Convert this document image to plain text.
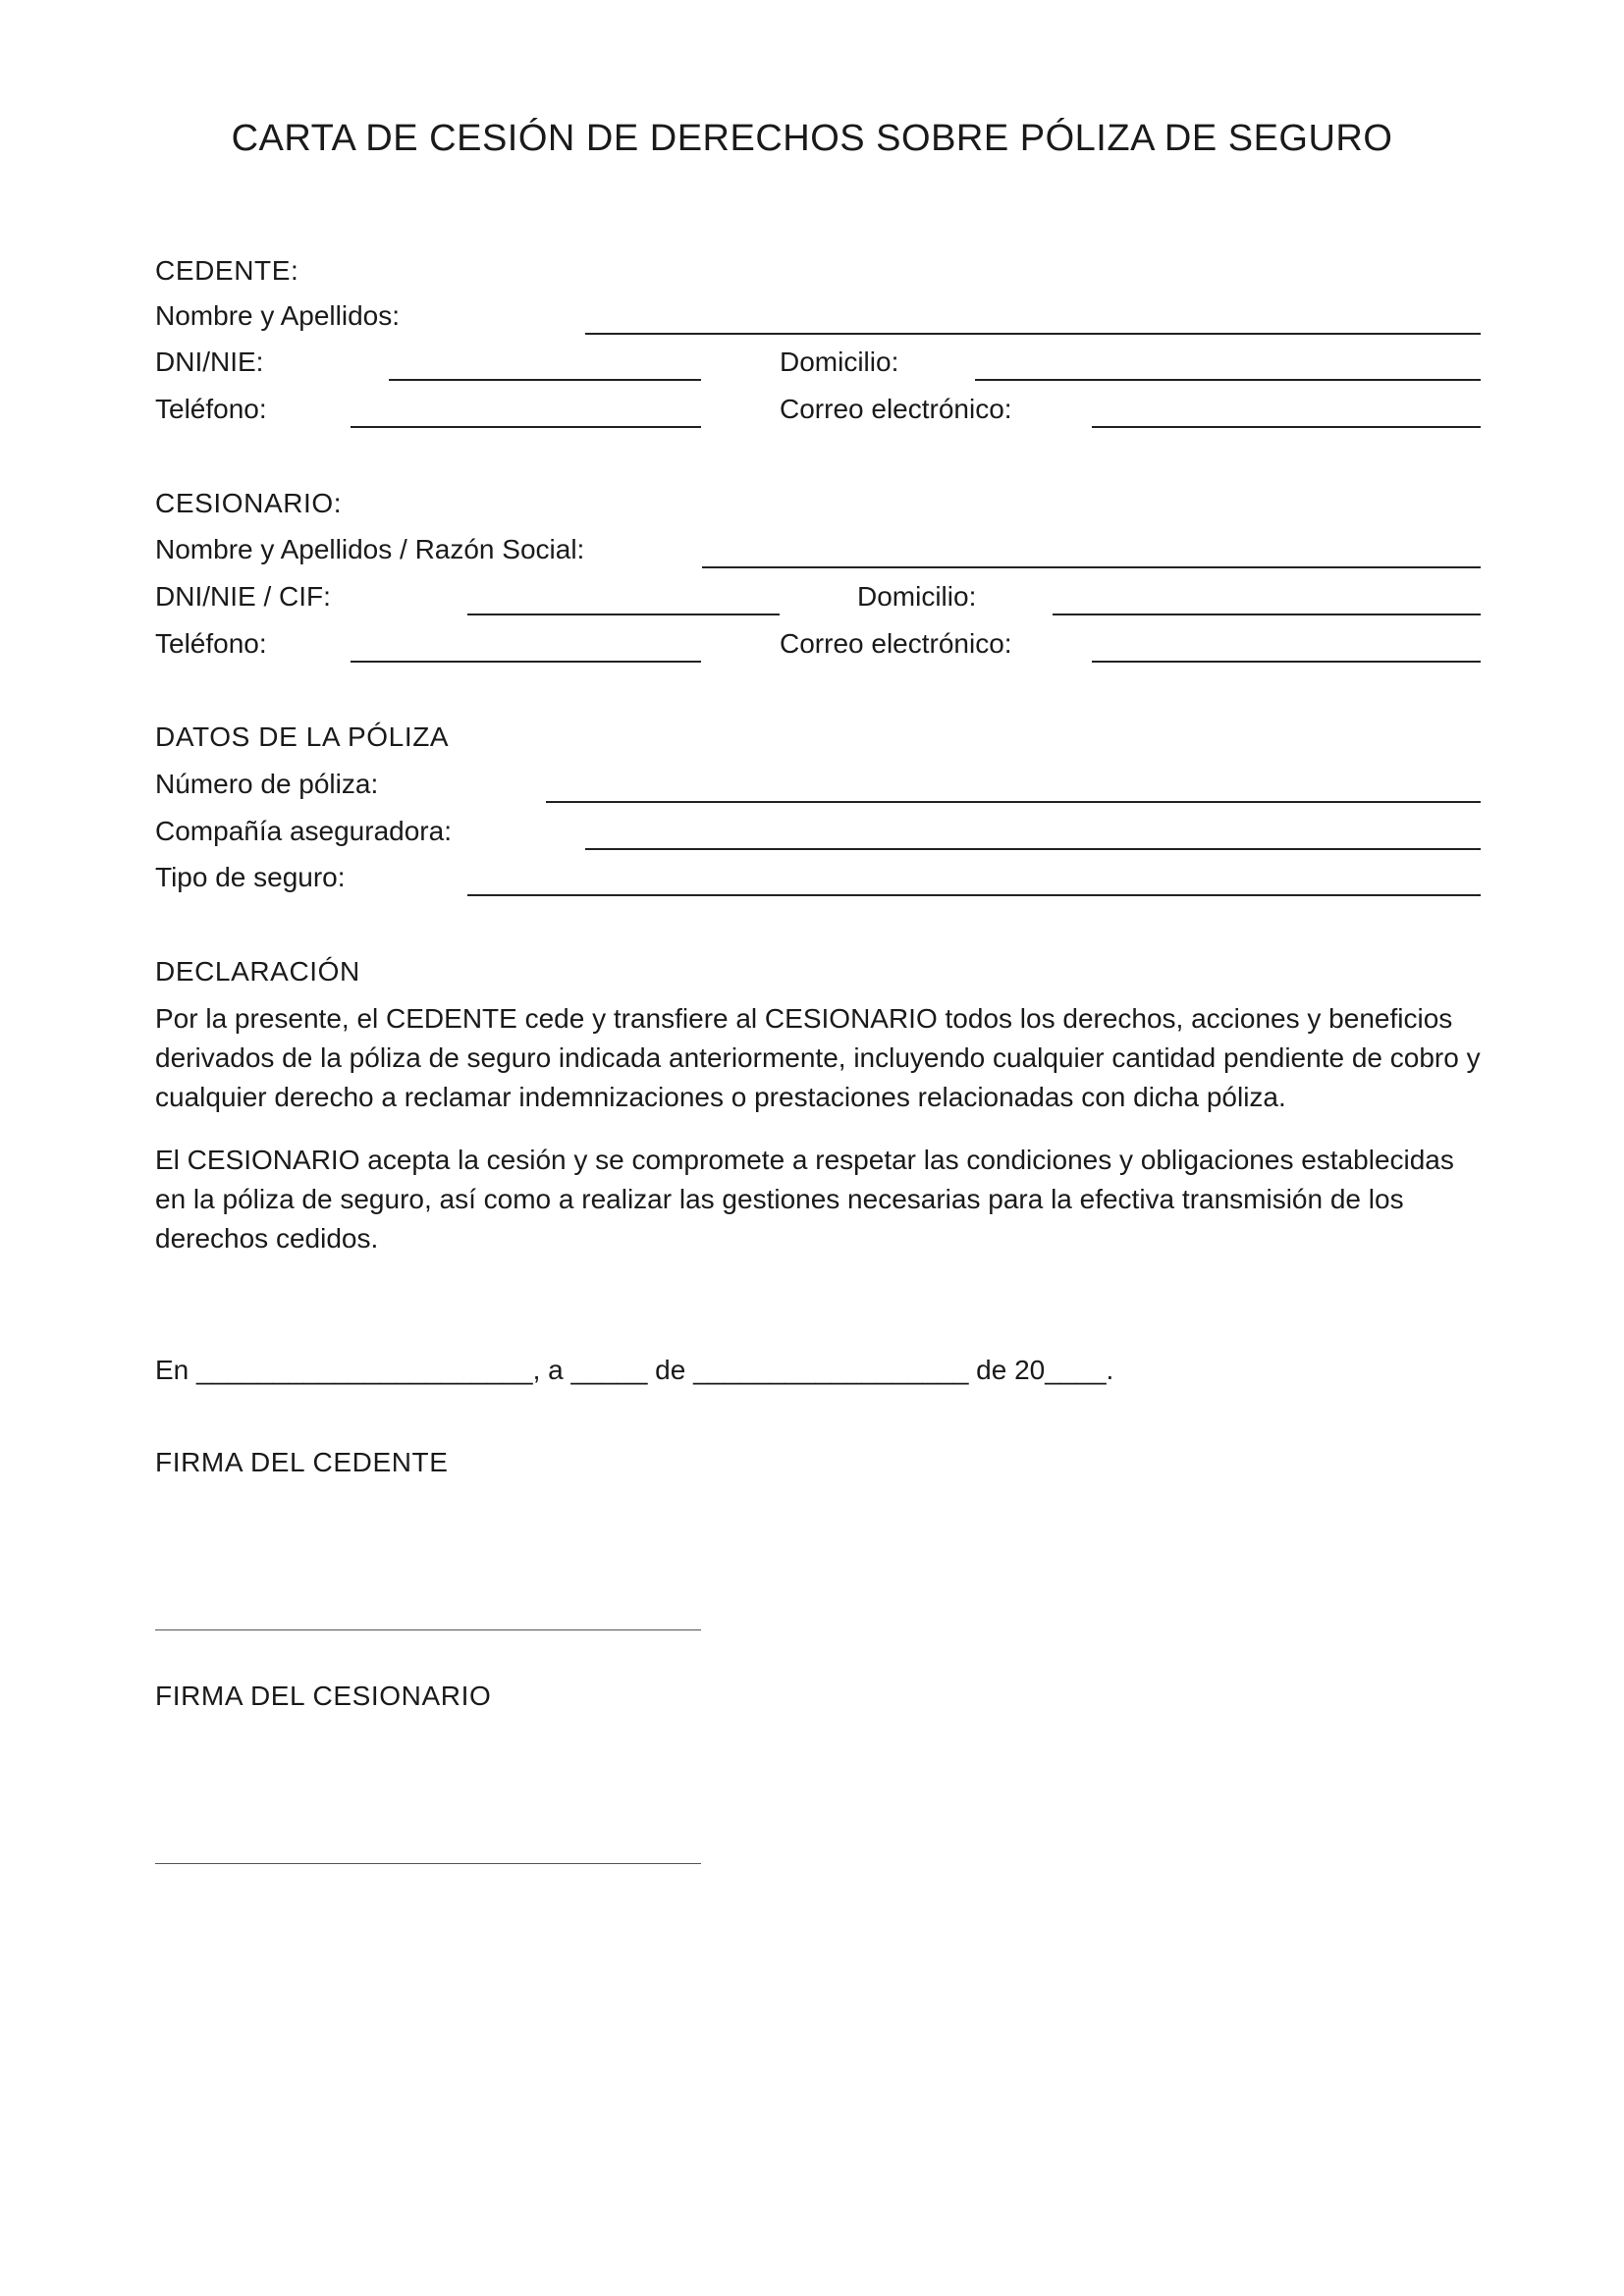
CARTA DE CESIÓN DE DERECHOS SOBRE PÓLIZA DE SEGURO
CEDENTE:
Nombre y Apellidos:
DNI/NIE:	Domicilio:
Teléfono:	Correo electrónico:
CESIONARIO:
Nombre y Apellidos / Razón Social:
DNI/NIE / CIF:	Domicilio:
Teléfono:	Correo electrónico:
DATOS DE LA PÓLIZA
Número de póliza:
Compañía aseguradora:
Tipo de seguro:
DECLARACIÓN
Por la presente, el CEDENTE cede y transfiere al CESIONARIO todos los derechos, acciones y beneficios derivados de la póliza de seguro indicada anteriormente, incluyendo cualquier cantidad pendiente de cobro y cualquier derecho a reclamar indemnizaciones o prestaciones relacionadas con dicha póliza.
El CESIONARIO acepta la cesión y se compromete a respetar las condiciones y obligaciones establecidas en la póliza de seguro, así como a realizar las gestiones necesarias para la efectiva transmisión de los derechos cedidos.
En ______________________, a _____ de __________________ de 20____.
FIRMA DEL CEDENTE
FIRMA DEL CESIONARIO
